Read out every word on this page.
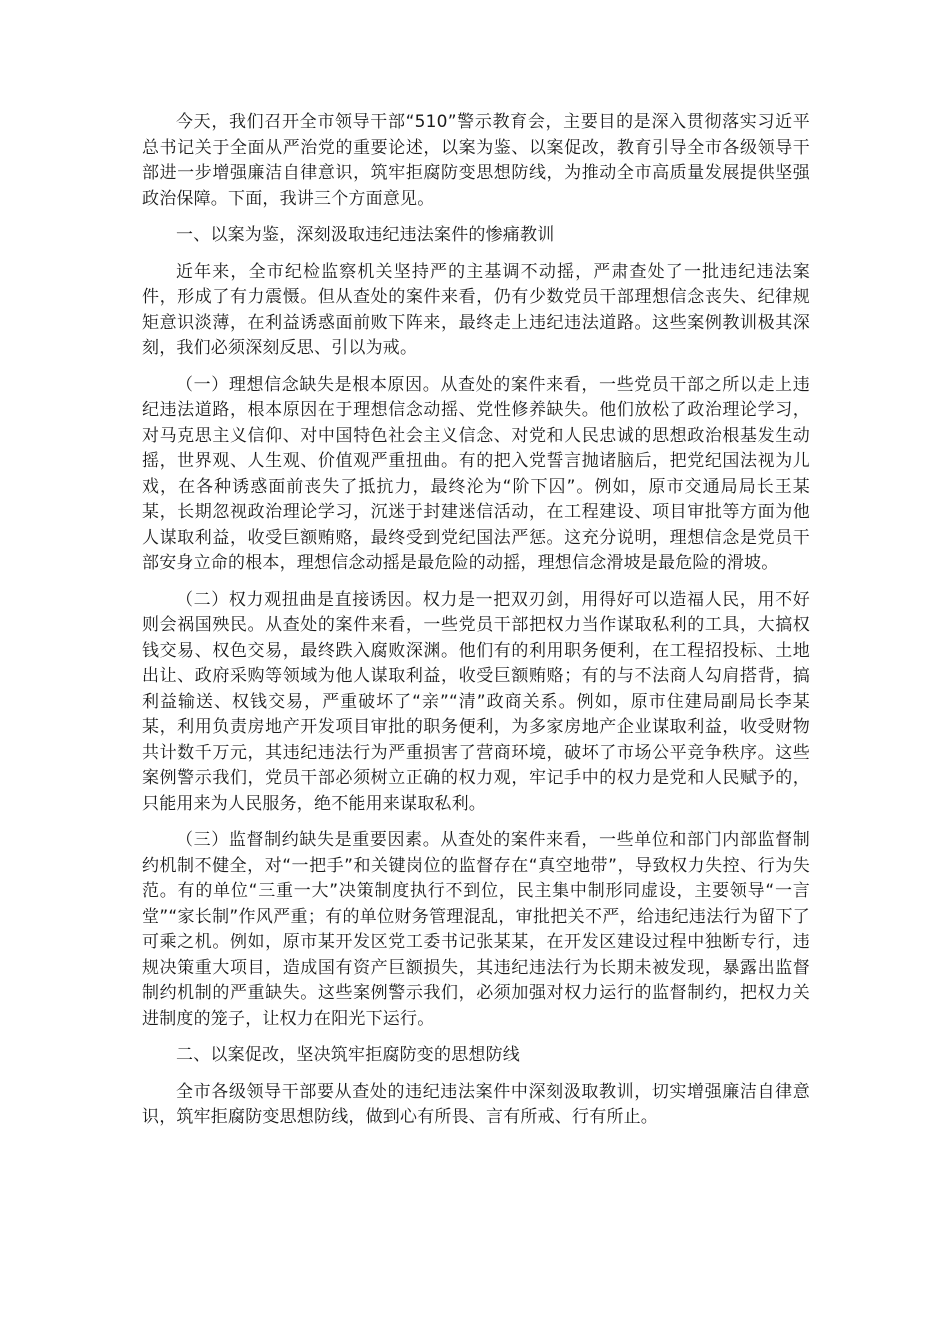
今天，我们召开全市领导干部“510”警示教育会，主要目的是深入贯彻落实习近平总书记关于全面从严治党的重要论述，以案为鉴、以案促改，教育引导全市各级领导干部进一步增强廉洁自律意识，筑牢拒腐防变思想防线，为推动全市高质量发展提供坚强政治保障。下面，我讲三个方面意见。

一、以案为鉴，深刻汲取违纪违法案件的惨痛教训

近年来，全市纪检监察机关坚持严的主基调不动摇，严肃查处了一批违纪违法案件，形成了有力震慑。但从查处的案件来看，仍有少数党员干部理想信念丧失、纪律规矩意识淡薄，在利益诱惑面前败下阵来，最终走上违纪违法道路。这些案例教训极其深刻，我们必须深刻反思、引以为戒。

（一）理想信念缺失是根本原因。从查处的案件来看，一些党员干部之所以走上违纪违法道路，根本原因在于理想信念动摇、党性修养缺失。他们放松了政治理论学习，对马克思主义信仰、对中国特色社会主义信念、对党和人民忠诚的思想政治根基发生动摇，世界观、人生观、价值观严重扭曲。有的把入党誓言抛诸脑后，把党纪国法视为儿戏，在各种诱惑面前丧失了抵抗力，最终沦为“阶下囚”。例如，原市交通局局长王某某，长期忽视政治理论学习，沉迷于封建迷信活动，在工程建设、项目审批等方面为他人谋取利益，收受巨额贿赂，最终受到党纪国法严惩。这充分说明，理想信念是党员干部安身立命的根本，理想信念动摇是最危险的动摇，理想信念滑坡是最危险的滑坡。

（二）权力观扭曲是直接诱因。权力是一把双刃剑，用得好可以造福人民，用不好则会祸国殃民。从查处的案件来看，一些党员干部把权力当作谋取私利的工具，大搞权钱交易、权色交易，最终跌入腐败深渊。他们有的利用职务便利，在工程招投标、土地出让、政府采购等领域为他人谋取利益，收受巨额贿赂；有的与不法商人勾肩搭背，搞利益输送、权钱交易，严重破坏了“亲”“清”政商关系。例如，原市住建局副局长李某某，利用负责房地产开发项目审批的职务便利，为多家房地产企业谋取利益，收受财物共计数千万元，其违纪违法行为严重损害了营商环境，破坏了市场公平竞争秩序。这些案例警示我们，党员干部必须树立正确的权力观，牢记手中的权力是党和人民赋予的，只能用来为人民服务，绝不能用来谋取私利。

（三）监督制约缺失是重要因素。从查处的案件来看，一些单位和部门内部监督制约机制不健全，对“一把手”和关键岗位的监督存在“真空地带”，导致权力失控、行为失范。有的单位“三重一大”决策制度执行不到位，民主集中制形同虚设，主要领导“一言堂”“家长制”作风严重；有的单位财务管理混乱，审批把关不严，给违纪违法行为留下了可乘之机。例如，原市某开发区党工委书记张某某，在开发区建设过程中独断专行，违规决策重大项目，造成国有资产巨额损失，其违纪违法行为长期未被发现，暴露出监督制约机制的严重缺失。这些案例警示我们，必须加强对权力运行的监督制约，把权力关进制度的笼子，让权力在阳光下运行。

二、以案促改，坚决筑牢拒腐防变的思想防线

全市各级领导干部要从查处的违纪违法案件中深刻汲取教训，切实增强廉洁自律意识，筑牢拒腐防变思想防线，做到心有所畏、言有所戒、行有所止。
